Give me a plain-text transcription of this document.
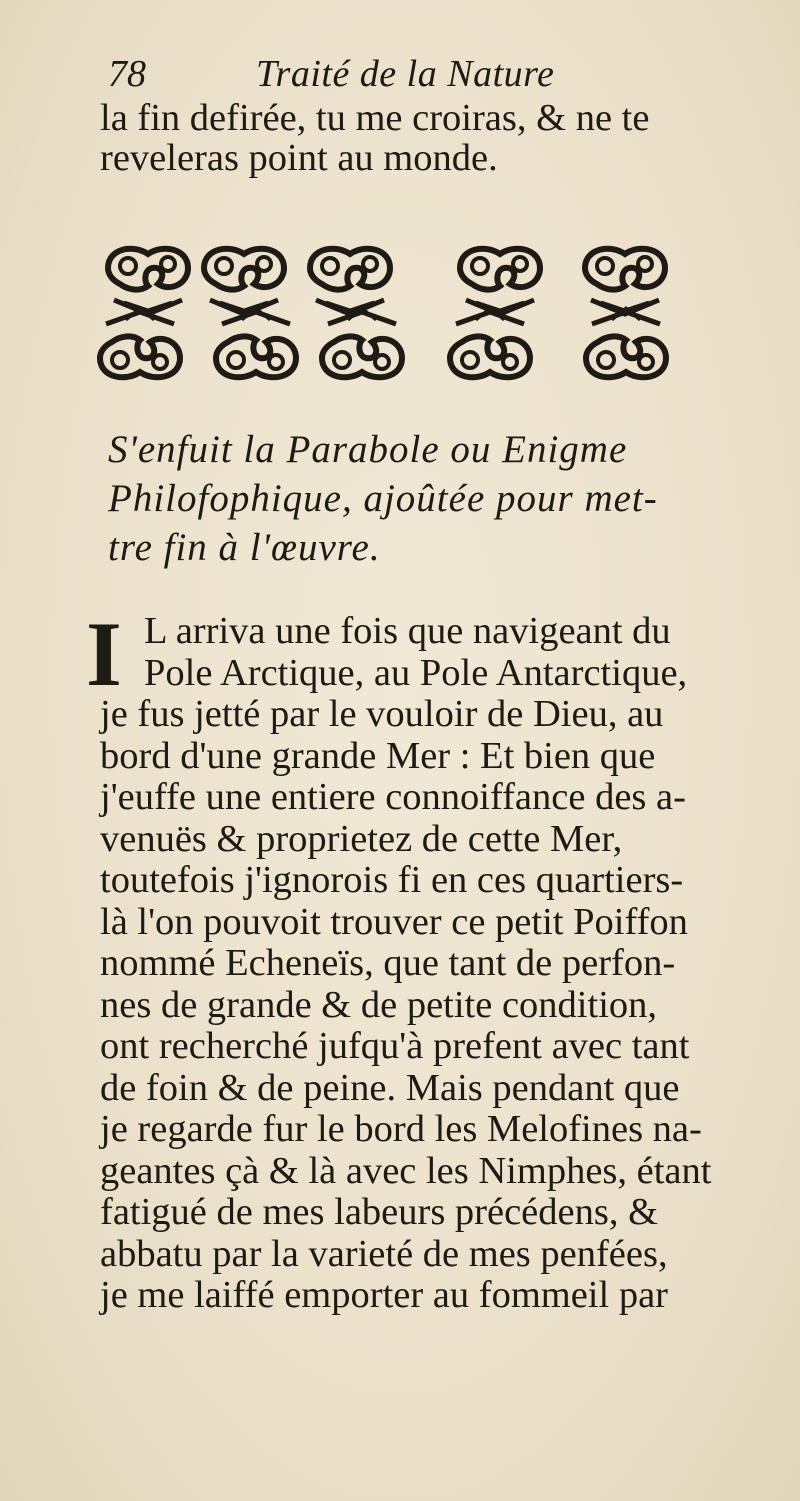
78	Traité de la Nature
la fin defirée, tu me croiras, & ne te
reveleras point au monde.
S'enfuit la Parabole ou Enigme
Philofophique, ajoûtée pour met-
tre fin à l'œuvre.
I L arriva une fois que navigeant du
Pole Arctique, au Pole Antarctique,
je fus jetté par le vouloir de Dieu, au
bord d'une grande Mer : Et bien que
j'euffe une entiere connoiffance des a-
venuës & proprietez de cette Mer,
toutefois j'ignorois fi en ces quartiers-
là l'on pouvoit trouver ce petit Poiffon
nommé Echeneïs, que tant de perfon-
nes de grande & de petite condition,
ont recherché jufqu'à prefent avec tant
de foin & de peine. Mais pendant que
je regarde fur le bord les Melofines na-
geantes çà & là avec les Nimphes, étant
fatigué de mes labeurs précédens, &
abbatu par la varieté de mes penfées,
je me laiffé emporter au fommeil par
